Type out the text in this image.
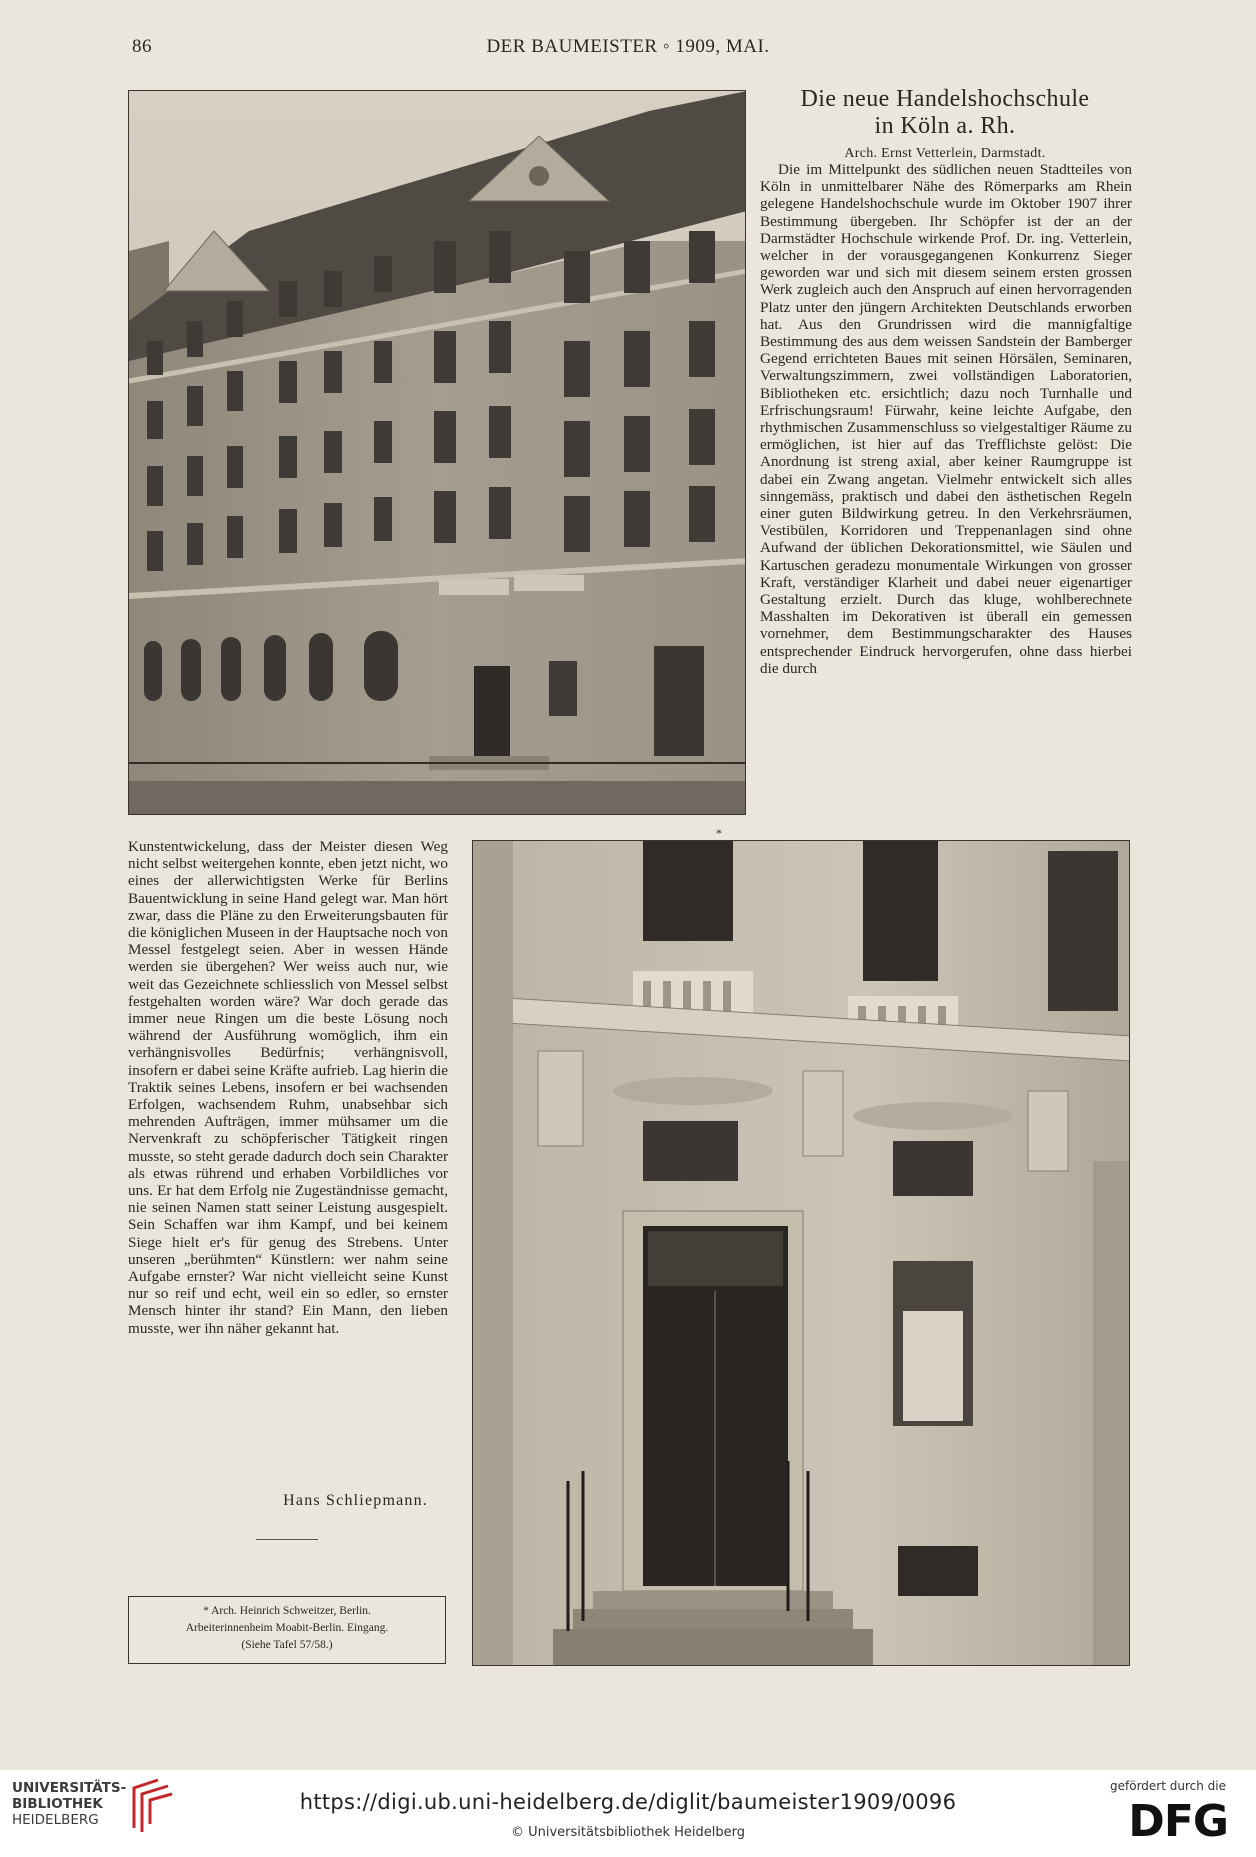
86	DER BAUMEISTER ◦ 1909, MAI.
Die neue Handelshochschule
in Köln a. Rh.
Arch. Ernst Vetterlein, Darmstadt.
Die im Mittelpunkt des südlichen neuen Stadtteiles von Köln in unmittelbarer Nähe des Römerparks am Rhein gelegene Handelshochschule wurde im Oktober 1907 ihrer Bestimmung übergeben. Ihr Schöpfer ist der an der Darmstädter Hochschule wirkende Prof. Dr. ing. Vetterlein, welcher in der vorausgegangenen Konkurrenz Sieger geworden war und sich mit diesem seinem ersten grossen Werk zugleich auch den Anspruch auf einen hervorragenden Platz unter den jüngern Architekten Deutschlands erworben hat. Aus den Grundrissen wird die mannigfaltige Bestimmung des aus dem weissen Sandstein der Bamberger Gegend errichteten Baues mit seinen Hörsälen, Seminaren, Verwaltungszimmern, zwei vollständigen Laboratorien, Bibliotheken etc. ersichtlich; dazu noch Turnhalle und Erfrischungsraum! Fürwahr, keine leichte Aufgabe, den rhythmischen Zusammenschluss so vielgestaltiger Räume zu ermöglichen, ist hier auf das Trefflichste gelöst: Die Anordnung ist streng axial, aber keiner Raumgruppe ist dabei ein Zwang angetan. Vielmehr entwickelt sich alles sinngemäss, praktisch und dabei den ästhetischen Regeln einer guten Bildwirkung getreu. In den Verkehrsräumen, Vestibülen, Korridoren und Treppenanlagen sind ohne Aufwand der üblichen Dekorationsmittel, wie Säulen und Kartuschen geradezu monumentale Wirkungen von grosser Kraft, verständiger Klarheit und dabei neuer eigenartiger Gestaltung erzielt. Durch das kluge, wohlberechnete Masshalten im Dekorativen ist überall ein gemessen vornehmer, dem Bestimmungscharakter des Hauses entsprechender Eindruck hervorgerufen, ohne dass hierbei die durch
*
Kunstentwickelung, dass der Meister diesen Weg nicht selbst weitergehen konnte, eben jetzt nicht, wo eines der allerwichtigsten Werke für Berlins Bauentwicklung in seine Hand gelegt war. Man hört zwar, dass die Pläne zu den Erweiterungsbauten für die königlichen Museen in der Hauptsache noch von Messel festgelegt seien. Aber in wessen Hände werden sie übergehen? Wer weiss auch nur, wie weit das Gezeichnete schliesslich von Messel selbst festgehalten worden wäre? War doch gerade das immer neue Ringen um die beste Lösung noch während der Ausführung womöglich, ihm ein verhängnisvolles Bedürfnis; verhängnisvoll, insofern er dabei seine Kräfte aufrieb. Lag hierin die Traktik seines Lebens, insofern er bei wachsenden Erfolgen, wachsendem Ruhm, unabsehbar sich mehrenden Aufträgen, immer mühsamer um die Nervenkraft zu schöpferischer Tätigkeit ringen musste, so steht gerade dadurch doch sein Charakter als etwas rührend und erhaben Vorbildliches vor uns. Er hat dem Erfolg nie Zugeständnisse gemacht, nie seinen Namen statt seiner Leistung ausgespielt. Sein Schaffen war ihm Kampf, und bei keinem Siege hielt er's für genug des Strebens. Unter unseren „berühmten“ Künstlern: wer nahm seine Aufgabe ernster? War nicht vielleicht seine Kunst nur so reif und echt, weil ein so edler, so ernster Mensch hinter ihr stand? Ein Mann, den lieben musste, wer ihn näher gekannt hat.
Hans Schliepmann.
* Arch. Heinrich Schweitzer, Berlin.
Arbeiterinnenheim Moabit-Berlin. Eingang.
(Siehe Tafel 57/58.)
UNIVERSITÄTS-
BIBLIOTHEK
HEIDELBERG
https://digi.ub.uni-heidelberg.de/diglit/baumeister1909/0096
© Universitätsbibliothek Heidelberg
gefördert durch die
DFG
